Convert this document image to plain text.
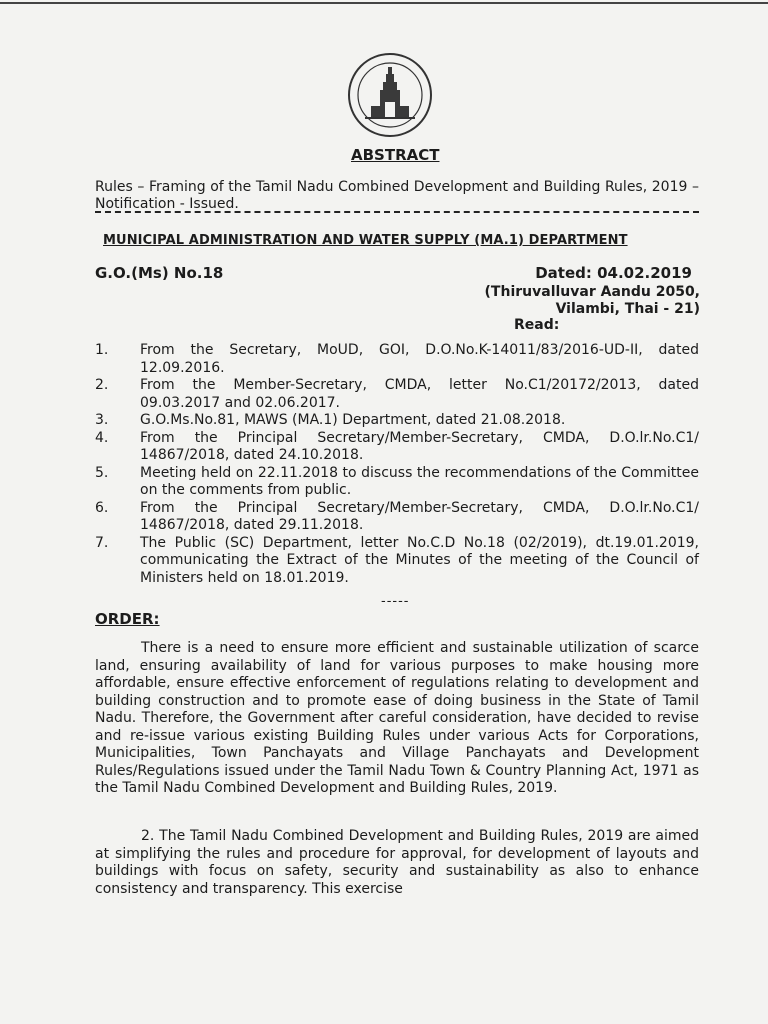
ABSTRACT
Rules – Framing of the Tamil Nadu Combined Development and Building Rules, 2019 – Notification - Issued.
MUNICIPAL ADMINISTRATION AND WATER SUPPLY (MA.1) DEPARTMENT
G.O.(Ms) No.18	Dated: 04.02.2019
(Thiruvalluvar Aandu 2050,
Vilambi, Thai - 21)
Read:
1. From the Secretary, MoUD, GOI, D.O.No.K-14011/83/2016-UD-II, dated 12.09.2016.
2. From the Member-Secretary, CMDA, letter No.C1/20172/2013, dated 09.03.2017 and 02.06.2017.
3. G.O.Ms.No.81, MAWS (MA.1) Department, dated 21.08.2018.
4. From the Principal Secretary/Member-Secretary, CMDA, D.O.lr.No.C1/ 14867/2018, dated 24.10.2018.
5. Meeting held on 22.11.2018 to discuss the recommendations of the Committee on the comments from public.
6. From the Principal Secretary/Member-Secretary, CMDA, D.O.lr.No.C1/ 14867/2018, dated 29.11.2018.
7. The Public (SC) Department, letter No.C.D No.18 (02/2019), dt.19.01.2019, communicating the Extract of the Minutes of the meeting of the Council of Ministers held on 18.01.2019.
-----
ORDER:
There is a need to ensure more efficient and sustainable utilization of scarce land, ensuring availability of land for various purposes to make housing more affordable, ensure effective enforcement of regulations relating to development and building construction and to promote ease of doing business in the State of Tamil Nadu. Therefore, the Government after careful consideration, have decided to revise and re-issue various existing Building Rules under various Acts for Corporations, Municipalities, Town Panchayats and Village Panchayats and Development Rules/Regulations issued under the Tamil Nadu Town & Country Planning Act, 1971 as the Tamil Nadu Combined Development and Building Rules, 2019.
2. The Tamil Nadu Combined Development and Building Rules, 2019 are aimed at simplifying the rules and procedure for approval, for development of layouts and buildings with focus on safety, security and sustainability as also to enhance consistency and transparency. This exercise
